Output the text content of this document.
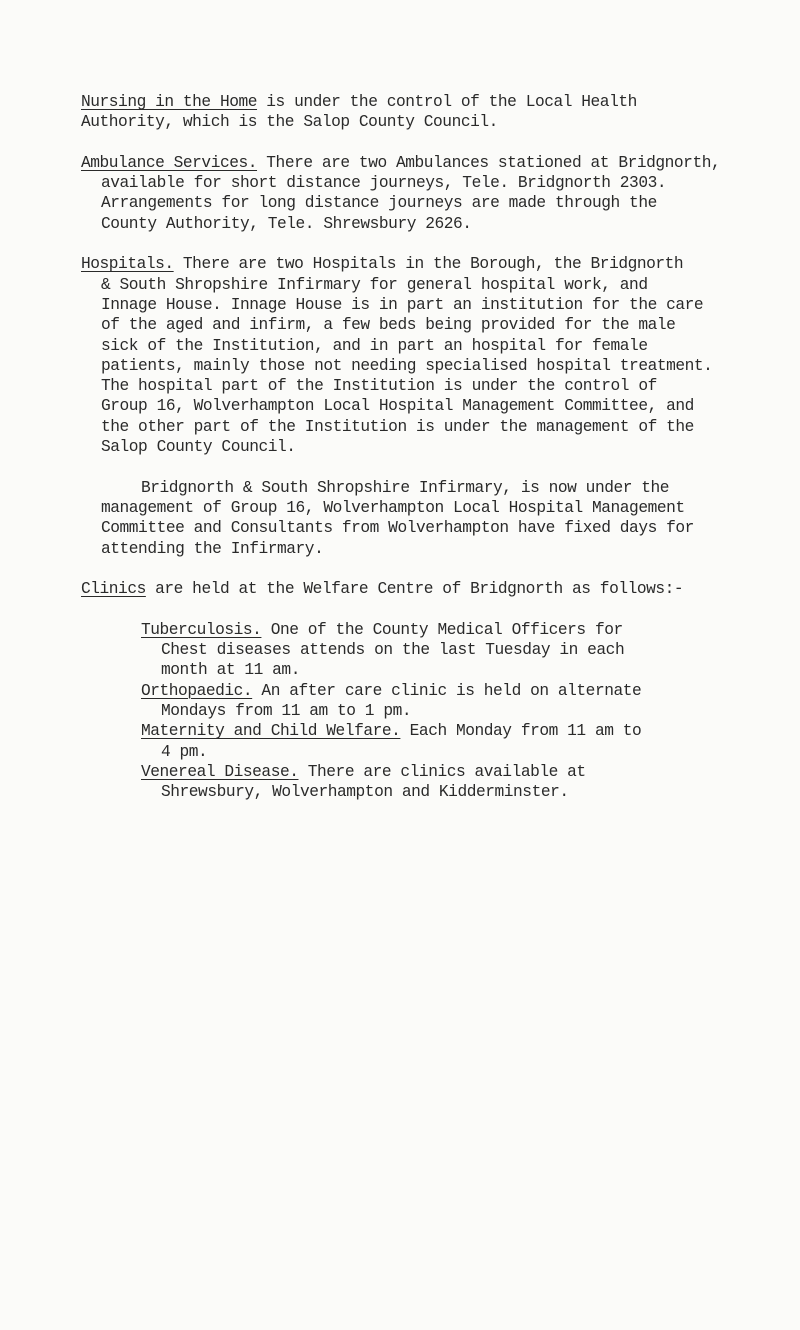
Nursing in the Home is under the control of the Local Health
Authority, which is the Salop County Council.
Ambulance Services. There are two Ambulances stationed at Bridgnorth,
available for short distance journeys, Tele. Bridgnorth 2303.
Arrangements for long distance journeys are made through the
County Authority, Tele. Shrewsbury 2626.
Hospitals. There are two Hospitals in the Borough, the Bridgnorth
& South Shropshire Infirmary for general hospital work, and
Innage House. Innage House is in part an institution for the care
of the aged and infirm, a few beds being provided for the male
sick of the Institution, and in part an hospital for female
patients, mainly those not needing specialised hospital treatment.
The hospital part of the Institution is under the control of
Group 16, Wolverhampton Local Hospital Management Committee, and
the other part of the Institution is under the management of the
Salop County Council.
Bridgnorth & South Shropshire Infirmary, is now under the
management of Group 16, Wolverhampton Local Hospital Management
Committee and Consultants from Wolverhampton have fixed days for
attending the Infirmary.
Clinics are held at the Welfare Centre of Bridgnorth as follows:-
Tuberculosis. One of the County Medical Officers for
Chest diseases attends on the last Tuesday in each
month at 11 am.
Orthopaedic. An after care clinic is held on alternate
Mondays from 11 am to 1 pm.
Maternity and Child Welfare. Each Monday from 11 am to
4 pm.
Venereal Disease. There are clinics available at
Shrewsbury, Wolverhampton and Kidderminster.
